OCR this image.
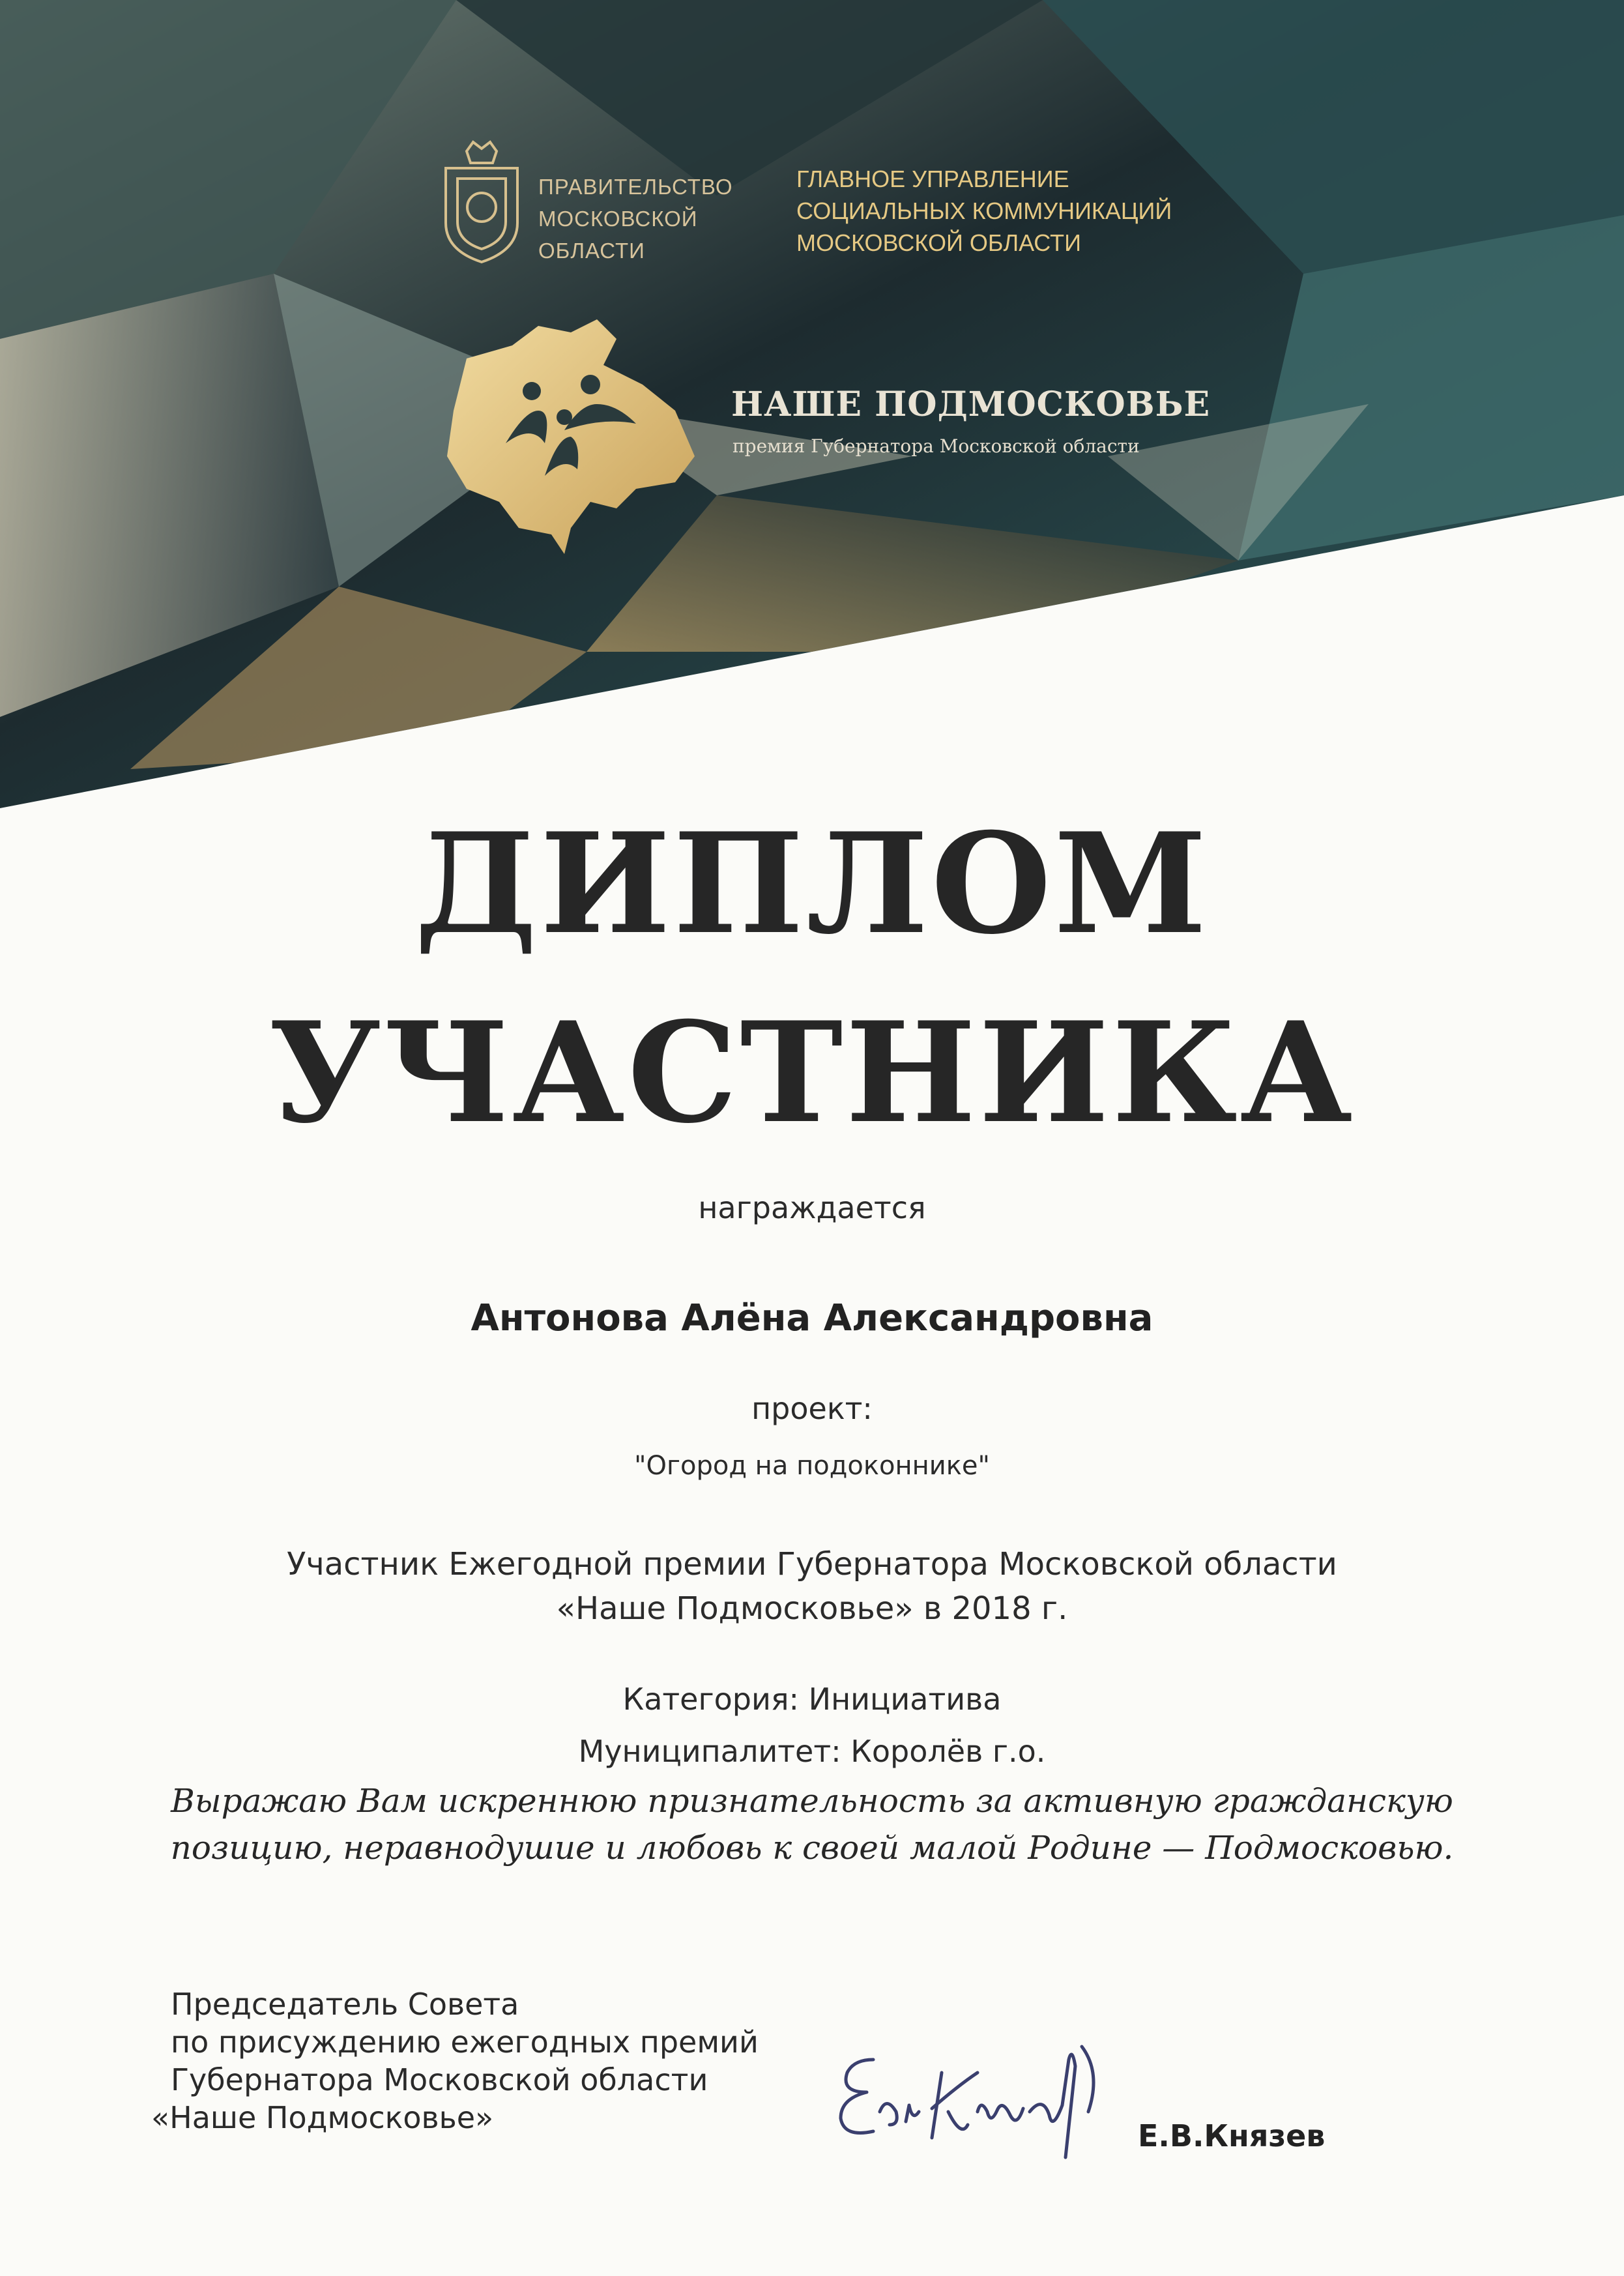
ПРАВИТЕЛЬСТВО
МОСКОВСКОЙ
ОБЛАСТИ
ГЛАВНОЕ УПРАВЛЕНИЕ
СОЦИАЛЬНЫХ КОММУНИКАЦИЙ
МОСКОВСКОЙ ОБЛАСТИ
НАШЕ ПОДМОСКОВЬЕ
премия Губернатора Московской области
ДИПЛОМ
УЧАСТНИКА
награждается
Антонова Алёна Александровна
проект:
"Огород на подоконнике"
Участник Ежегодной премии Губернатора Московской области
«Наше Подмосковье» в 2018 г.
Категория: Инициатива
Муниципалитет: Королёв г.о.
Выражаю Вам искреннюю признательность за активную гражданскую
позицию, неравнодушие и любовь к своей малой Родине — Подмосковью.
Председатель Совета
по присуждению ежегодных премий
Губернатора Московской области
«Наше Подмосковье»
Е.В.Князев
